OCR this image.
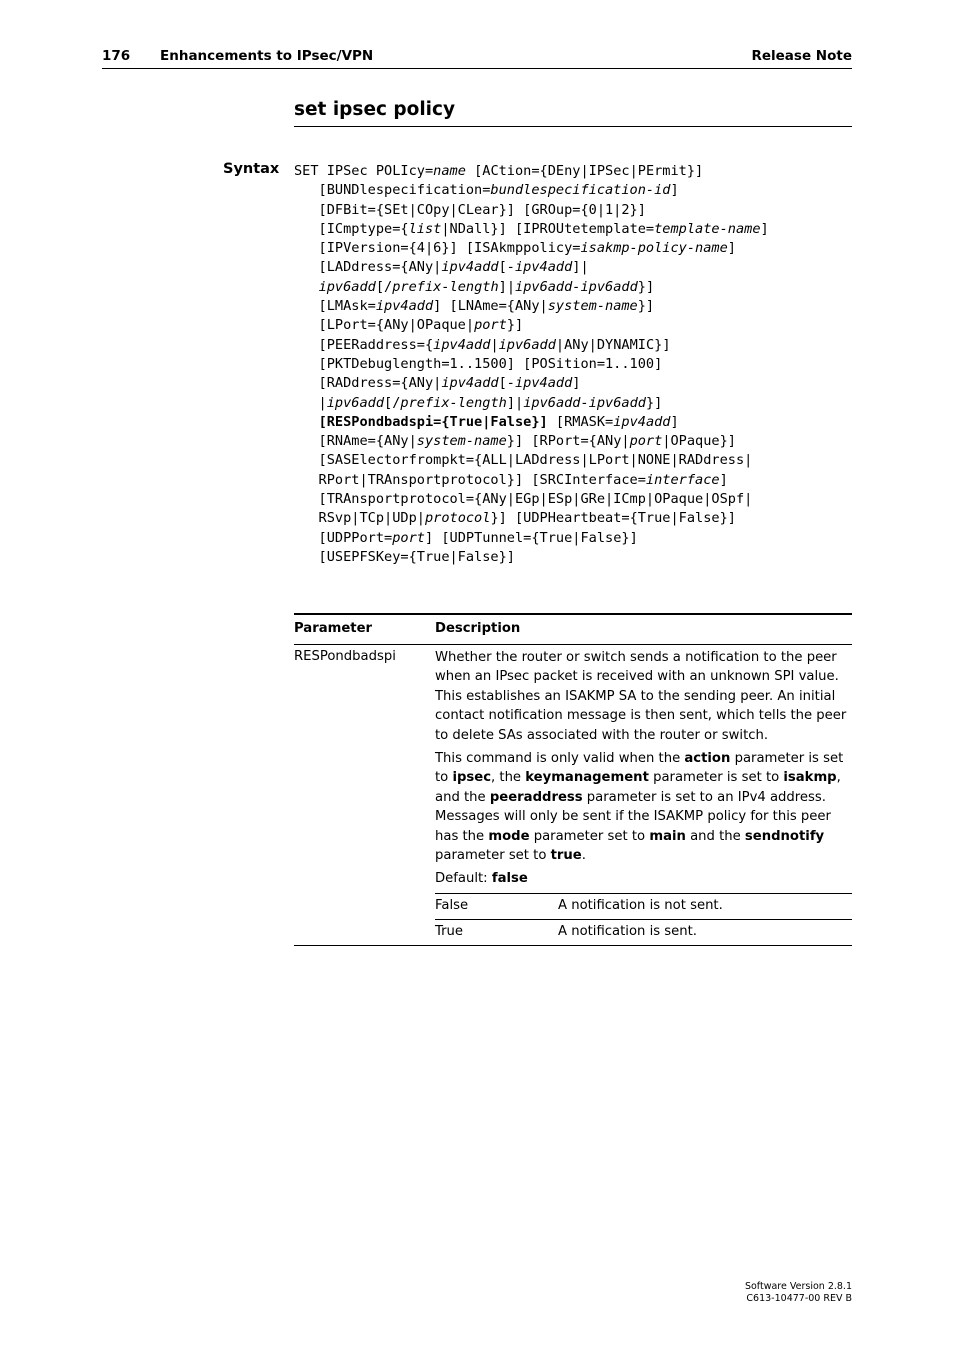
176 Enhancements to IPsec/VPN	Release Note
set ipsec policy
Syntax SET IPSec POLIcy=name [ACtion={DEny|IPSec|PErmit}]
[BUNDlespecification=bundlespecification-id]
[DFBit={SEt|COpy|CLear}] [GROup={0|1|2}]
[ICmptype={list|NDall}] [IPROUtetemplate=template-name]
[IPVersion={4|6}] [ISAkmppolicy=isakmp-policy-name]
[LADdress={ANy|ipv4add[-ipv4add]|
ipv6add[/prefix-length]|ipv6add-ipv6add}]
[LMAsk=ipv4add] [LNAme={ANy|system-name}]
[LPort={ANy|OPaque|port}]
[PEERaddress={ipv4add|ipv6add|ANy|DYNAMIC}]
[PKTDebuglength=1..1500] [POSition=1..100]
[RADdress={ANy|ipv4add[-ipv4add]
|ipv6add[/prefix-length]|ipv6add-ipv6add}]
[RESPondbadspi={True|False}] [RMASK=ipv4add]
[RNAme={ANy|system-name}] [RPort={ANy|port|OPaque}]
[SASElectorfrompkt={ALL|LADdress|LPort|NONE|RADdress|
RPort|TRAnsportprotocol}] [SRCInterface=interface]
[TRAnsportprotocol={ANy|EGp|ESp|GRe|ICmp|OPaque|OSpf|
RSvp|TCp|UDp|protocol}] [UDPHeartbeat={True|False}]
[UDPPort=port] [UDPTunnel={True|False}]
[USEPFSKey={True|False}]
Parameter	Description
RESPondbadspi	Whether the router or switch sends a notification to the peer when an IPsec packet is received with an unknown SPI value. This establishes an ISAKMP SA to the sending peer. An initial contact notification message is then sent, which tells the peer to delete SAs associated with the router or switch.

This command is only valid when the action parameter is set to ipsec, the keymanagement parameter is set to isakmp, and the peeraddress parameter is set to an IPv4 address. Messages will only be sent if the ISAKMP policy for this peer has the mode parameter set to main and the sendnotify parameter set to true.

Default: false

False	A notification is not sent.
True	A notification is sent.
Software Version 2.8.1
C613-10477-00 REV B
